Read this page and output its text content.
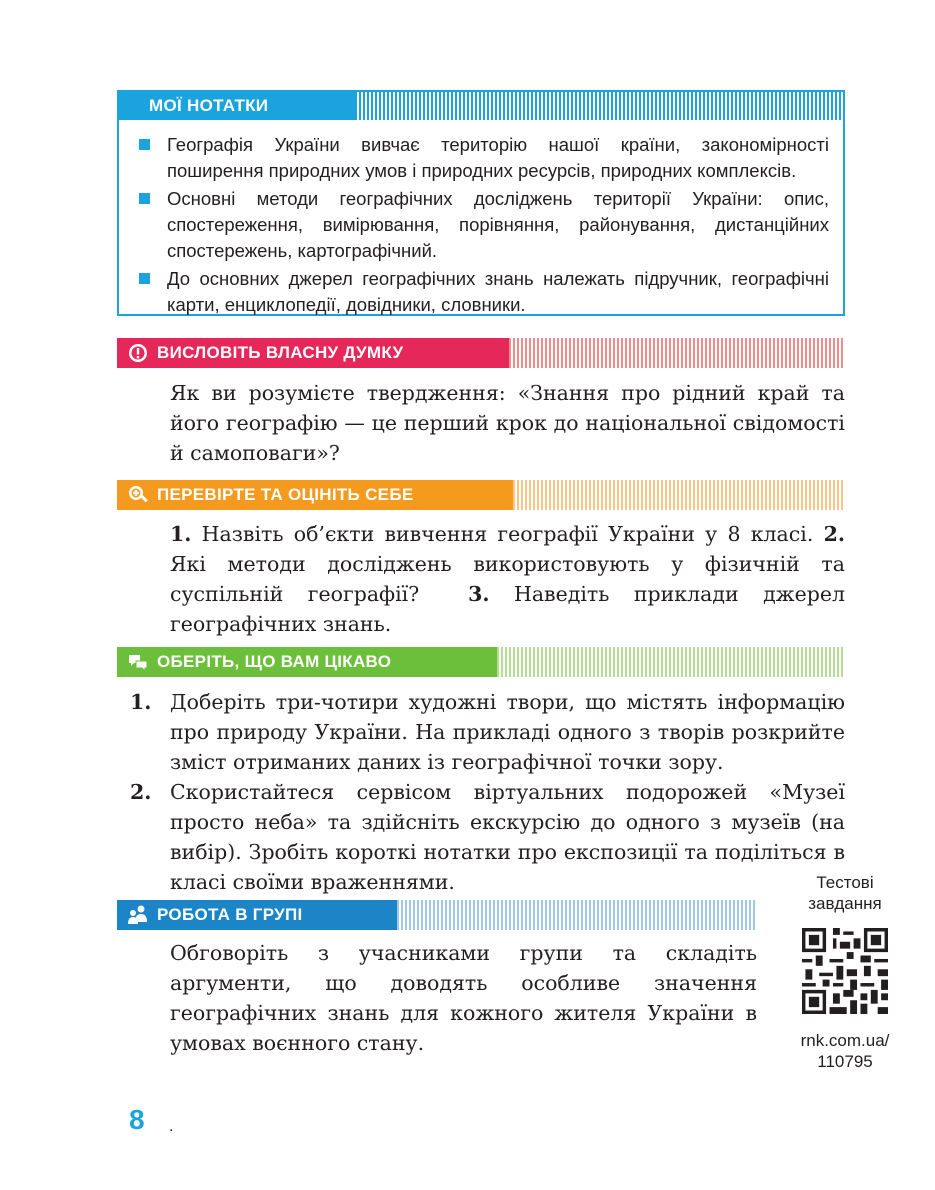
МОЇ НОТАТКИ
Географія України вивчає територію нашої країни, закономірності поширення природних умов і природних ресурсів, природних комплексів.
Основні методи географічних досліджень території України: опис, спостереження, вимірювання, порівняння, районування, дистанційних спостережень, картографічний.
До основних джерел географічних знань належать підручник, географічні карти, енциклопедії, довідники, словники.
ВИСЛОВІТЬ ВЛАСНУ ДУМКУ

Як ви розумієте твердження: «Знання про рідний край та його географію — це перший крок до національної свідомості й самоповаги»?

ПЕРЕВІРТЕ ТА ОЦІНІТЬ СЕБЕ

1. Назвіть об’єкти вивчення географії України у 8 класі. 2. Які методи досліджень використовують у фізичній та суспільній географії? 3. Наведіть приклади джерел географічних знань.

ОБЕРІТЬ, ЩО ВАМ ЦІКАВО
1. Доберіть три-чотири художні твори, що містять інформацію про природу України. На прикладі одного з творів розкрийте зміст отриманих даних із географічної точки зору.
2. Скористайтеся сервісом віртуальних подорожей «Музеї просто неба» та здійсніть екскурсію до одного з музеїв (на вибір). Зробіть короткі нотатки про експозиції та поділіться в класі своїми враженнями.
РОБОТА В ГРУПІ

Обговоріть з учасниками групи та складіть аргументи, що доводять особливе значення географічних знань для кожного жителя України в умовах воєнного стану.

Тестові завдання
rnk.com.ua/ 110795
8 .
